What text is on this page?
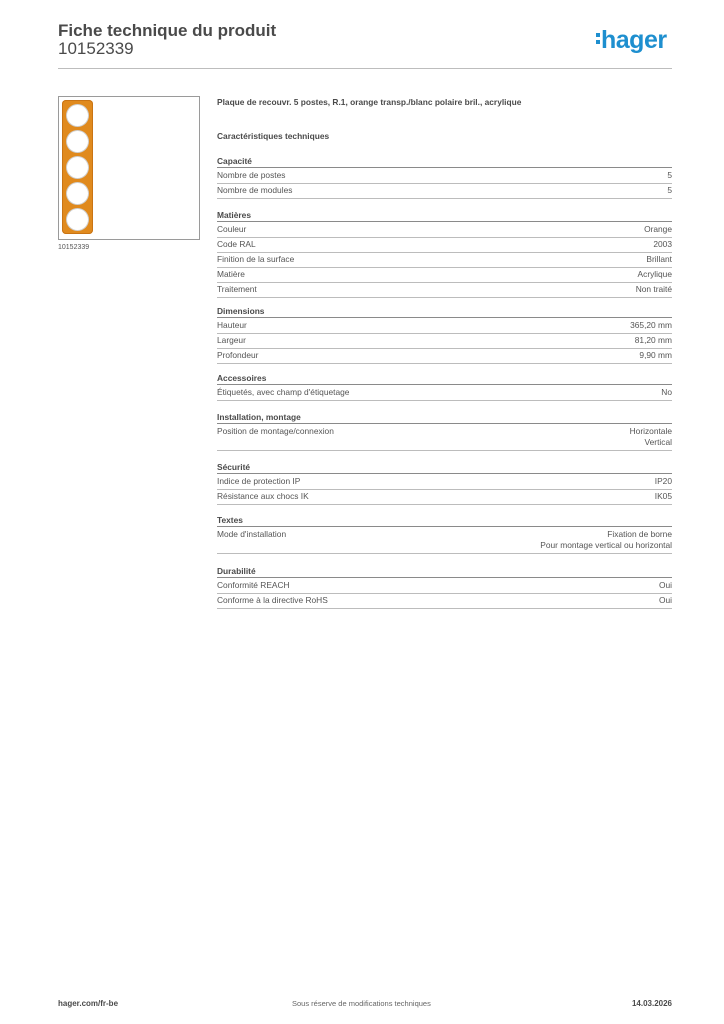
Fiche technique du produit
10152339	hager
10152339
Plaque de recouvr. 5 postes, R.1, orange transp./blanc polaire bril., acrylique
Caractéristiques techniques
Capacité
Nombre de postes	5
Nombre de modules	5
Matières
Couleur	Orange
Code RAL	2003
Finition de la surface	Brillant
Matière	Acrylique
Traitement	Non traité
Dimensions
Hauteur	365,20 mm
Largeur	81,20 mm
Profondeur	9,90 mm
Accessoires
Étiquetés, avec champ d'étiquetage	No
Installation, montage
Position de montage/connexion	Horizontale
Vertical
Sécurité
Indice de protection IP	IP20
Résistance aux chocs IK	IK05
Textes
Mode d'installation	Fixation de borne
Pour montage vertical ou horizontal
Durabilité
Conformité REACH	Oui
Conforme à la directive RoHS	Oui
hager.com/fr-be	Sous réserve de modifications techniques	14.03.2026
